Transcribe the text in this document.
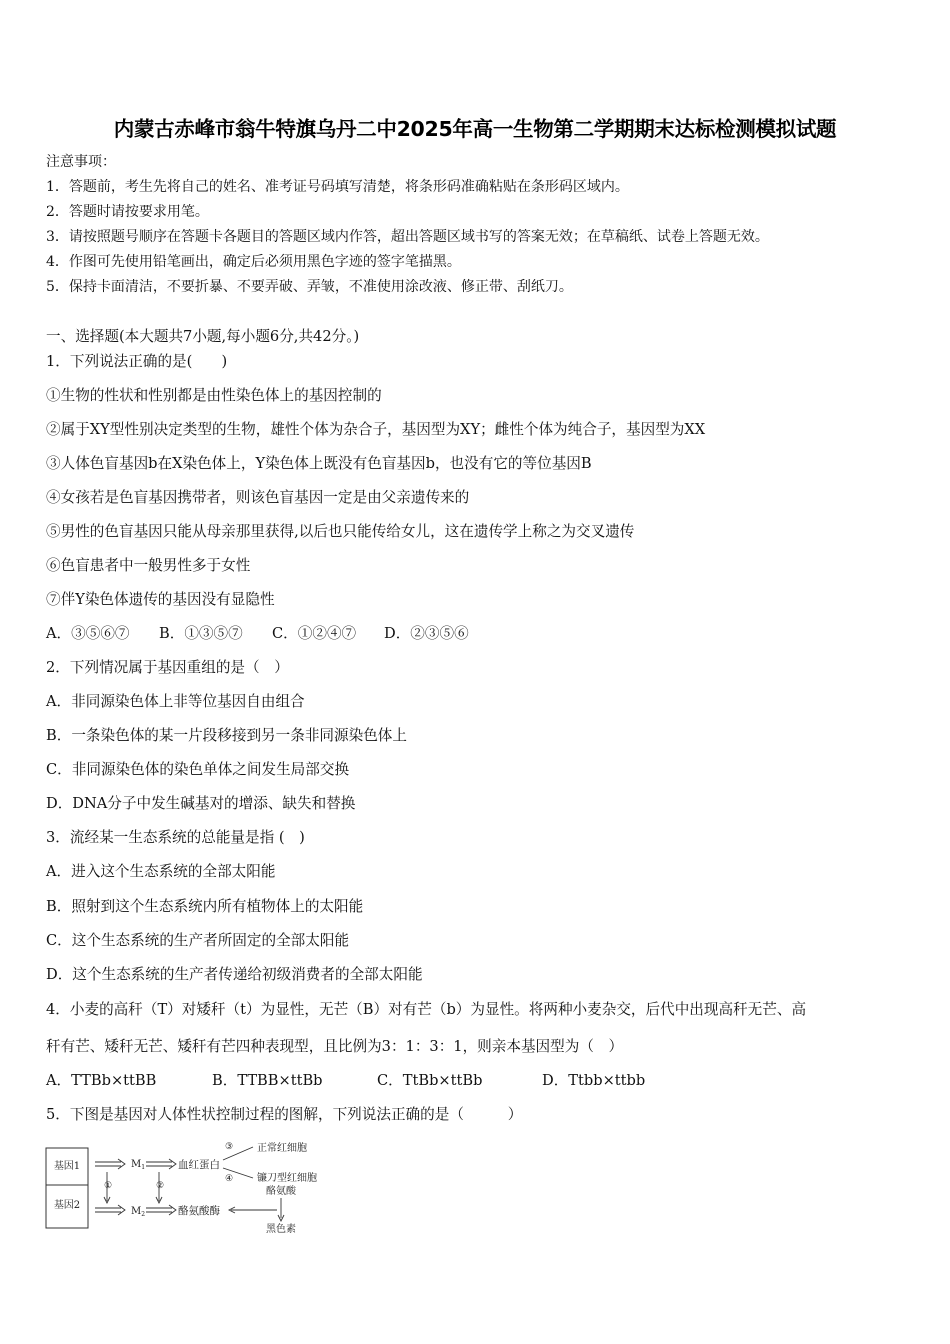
内蒙古赤峰市翁牛特旗乌丹二中2025年高一生物第二学期期末达标检测模拟试题
注意事项：
1．答题前，考生先将自己的姓名、准考证号码填写清楚，将条形码准确粘贴在条形码区域内。
2．答题时请按要求用笔。
3．请按照题号顺序在答题卡各题目的答题区域内作答，超出答题区域书写的答案无效；在草稿纸、试卷上答题无效。
4．作图可先使用铅笔画出，确定后必须用黑色字迹的签字笔描黑。
5．保持卡面清洁，不要折暴、不要弄破、弄皱，不准使用涂改液、修正带、刮纸刀。
一、选择题(本大题共7小题,每小题6分,共42分。)
1．下列说法正确的是(　　)
①生物的性状和性别都是由性染色体上的基因控制的
②属于XY型性别决定类型的生物，雄性个体为杂合子，基因型为XY；雌性个体为纯合子，基因型为XX
③人体色盲基因b在X染色体上，Y染色体上既没有色盲基因b，也没有它的等位基因B
④女孩若是色盲基因携带者，则该色盲基因一定是由父亲遗传来的
⑤男性的色盲基因只能从母亲那里获得,以后也只能传给女儿，这在遗传学上称之为交叉遗传
⑥色盲患者中一般男性多于女性
⑦伴Y染色体遗传的基因没有显隐性
A．③⑤⑥⑦ B．①③⑤⑦ C．①②④⑦ D．②③⑤⑥
2．下列情况属于基因重组的是（　）
A．非同源染色体上非等位基因自由组合
B．一条染色体的某一片段移接到另一条非同源染色体上
C．非同源染色体的染色单体之间发生局部交换
D．DNA分子中发生碱基对的增添、缺失和替换
3．流经某一生态系统的总能量是指 (　)
A．进入这个生态系统的全部太阳能
B．照射到这个生态系统内所有植物体上的太阳能
C．这个生态系统的生产者所固定的全部太阳能
D．这个生态系统的生产者传递给初级消费者的全部太阳能
4．小麦的高秆（T）对矮秆（t）为显性，无芒（B）对有芒（b）为显性。将两种小麦杂交，后代中出现高秆无芒、高
秆有芒、矮秆无芒、矮秆有芒四种表现型，且比例为3：1：3：1，则亲本基因型为（　）
A．TTBb×ttBB	B．TTBB×ttBb	C．TtBb×ttBb	D．Ttbb×ttbb
5．下图是基因对人体性状控制过程的图解，下列说法正确的是（　　　）
基因1
基因2
$M_1$	血红蛋白
③
④
正常红细胞
镰刀型红细胞
①	②
$M_2$	酪氨酸酶
酪氨酸
黑色素
